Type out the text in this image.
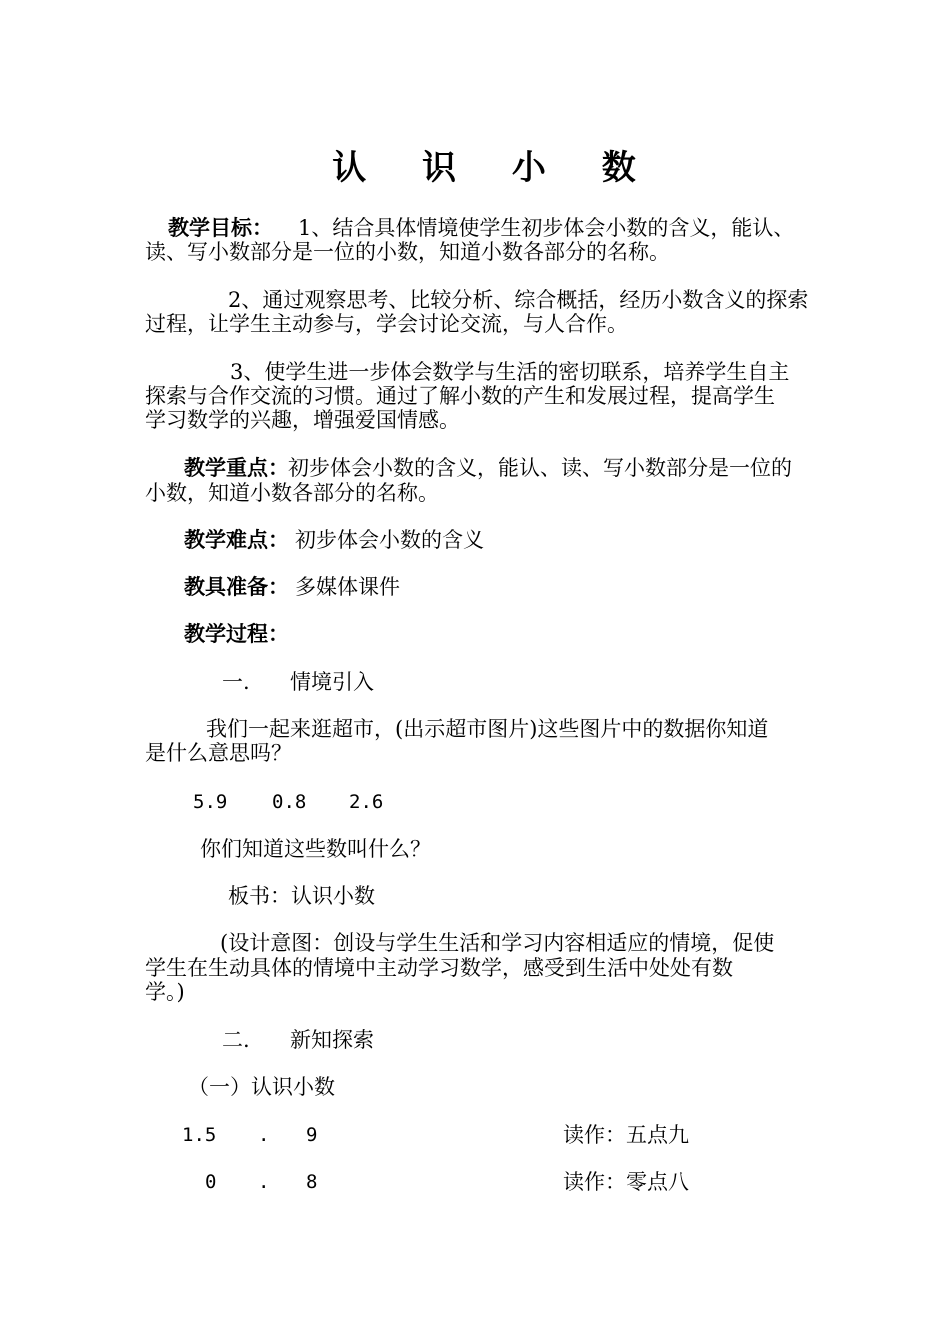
认 识 小 数
教学目标： 1、结合具体情境使学生初步体会小数的含义，能认、
读、写小数部分是一位的小数，知道小数各部分的名称。
2、通过观察思考、比较分析、综合概括，经历小数含义的探索
过程，让学生主动参与，学会讨论交流，与人合作。
3、使学生进一步体会数学与生活的密切联系，培养学生自主
探索与合作交流的习惯。通过了解小数的产生和发展过程，提高学生
学习数学的兴趣，增强爱国情感。
教学重点： 初步体会小数的含义，能认、读、写小数部分是一位的
小数，知道小数各部分的名称。
教学难点： 初步体会小数的含义
教具准备： 多媒体课件
教学过程：
一. 情境引入
我们一起来逛超市，(出示超市图片)这些图片中的数据你知道
是什么意思吗？
5.9 0.8 2.6
你们知道这些数叫什么？
板书：认识小数
(设计意图：创设与学生生活和学习内容相适应的情境，促使
学生在生动具体的情境中主动学习数学，感受到生活中处处有数
学。)
二. 新知探索
（一）认识小数
1.5 . 9	读作：五点九
0 . 8	读作：零点八
